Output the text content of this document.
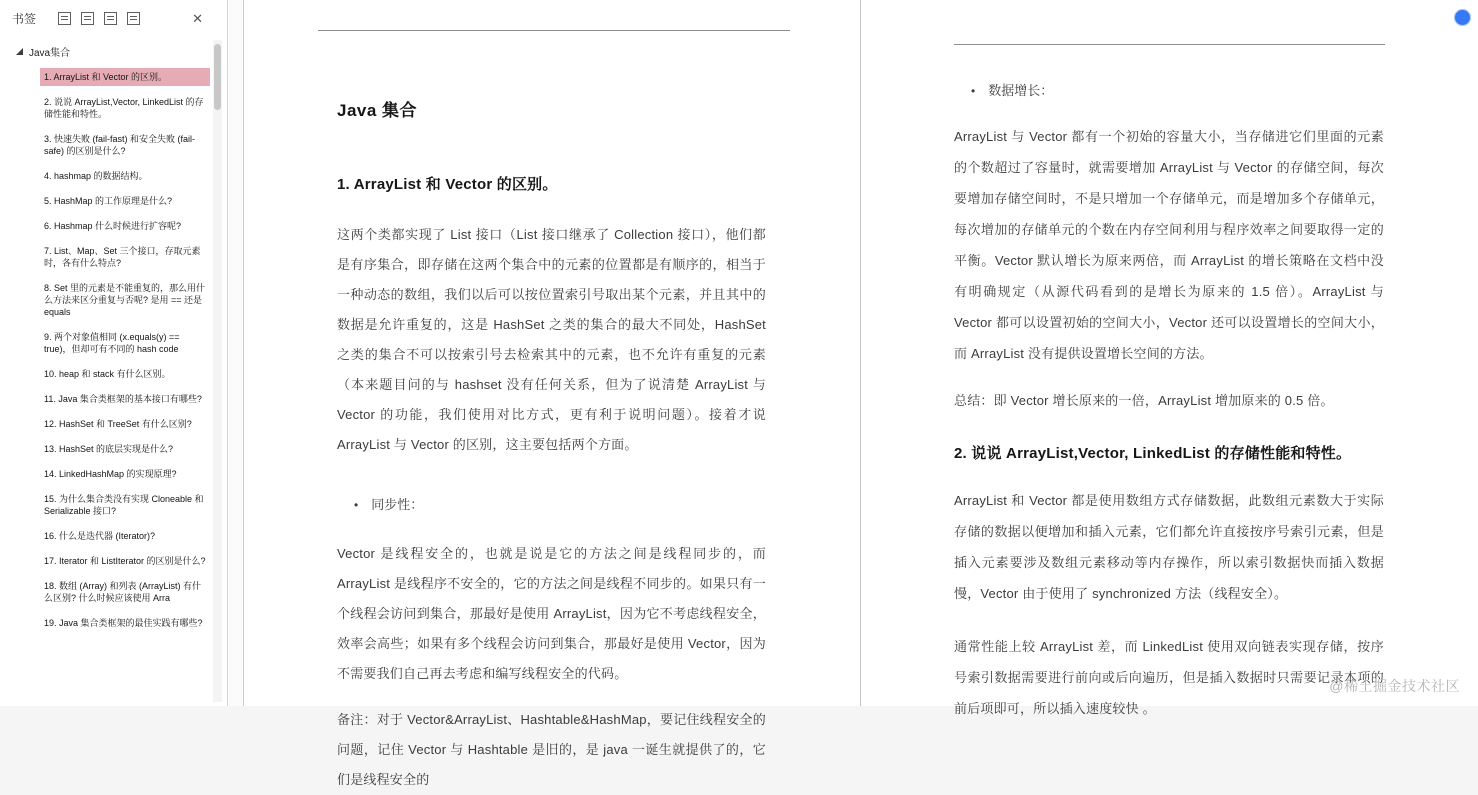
书签
✕
Java集合
1. ArrayList 和 Vector 的区别。
2. 说说 ArrayList,Vector, LinkedList 的存储性能和特性。
3. 快速失败 (fail-fast) 和安全失败 (fail-safe) 的区别是什么?
4. hashmap 的数据结构。
5. HashMap 的工作原理是什么?
6. Hashmap 什么时候进行扩容呢?
7. List、Map、Set 三个接口，存取元素时，各有什么特点?
8. Set 里的元素是不能重复的，那么用什么方法来区分重复与否呢? 是用 == 还是 equals
9. 两个对象值相同 (x.equals(y) == true)，但却可有不同的 hash code
10. heap 和 stack 有什么区别。
11. Java 集合类框架的基本接口有哪些?
12. HashSet 和 TreeSet 有什么区别?
13. HashSet 的底层实现是什么?
14. LinkedHashMap 的实现原理?
15. 为什么集合类没有实现 Cloneable 和 Serializable 接口?
16. 什么是迭代器 (Iterator)?
17. Iterator 和 ListIterator 的区别是什么?
18. 数组 (Array) 和列表 (ArrayList) 有什么区别? 什么时候应该使用 Arra
19. Java 集合类框架的最佳实践有哪些?
Java 集合
1. ArrayList 和 Vector 的区别。

这两个类都实现了 List 接口（List 接口继承了 Collection 接口），他们都是有序集合，即存储在这两个集合中的元素的位置都是有顺序的，相当于一种动态的数组，我们以后可以按位置索引号取出某个元素，并且其中的数据是允许重复的，这是 HashSet 之类的集合的最大不同处，HashSet 之类的集合不可以按索引号去检索其中的元素，也不允许有重复的元素（本来题目问的与 hashset 没有任何关系，但为了说清楚 ArrayList 与 Vector 的功能，我们使用对比方式，更有利于说明问题）。接着才说 ArrayList 与 Vector 的区别，这主要包括两个方面。

•
同步性：

Vector 是线程安全的，也就是说是它的方法之间是线程同步的，而 ArrayList 是线程序不安全的，它的方法之间是线程不同步的。如果只有一个线程会访问到集合，那最好是使用 ArrayList，因为它不考虑线程安全，效率会高些；如果有多个线程会访问到集合，那最好是使用 Vector，因为不需要我们自己再去考虑和编写线程安全的代码。

备注：对于 Vector&ArrayList、Hashtable&HashMap，要记住线程安全的问题，记住 Vector 与 Hashtable 是旧的，是 java 一诞生就提供了的，它们是线程安全的

•
数据增长：

ArrayList 与 Vector 都有一个初始的容量大小，当存储进它们里面的元素的个数超过了容量时，就需要增加 ArrayList 与 Vector 的存储空间，每次要增加存储空间时，不是只增加一个存储单元，而是增加多个存储单元，每次增加的存储单元的个数在内存空间利用与程序效率之间要取得一定的平衡。Vector 默认增长为原来两倍，而 ArrayList 的增长策略在文档中没有明确规定（从源代码看到的是增长为原来的 1.5 倍）。ArrayList 与 Vector 都可以设置初始的空间大小，Vector 还可以设置增长的空间大小，而 ArrayList 没有提供设置增长空间的方法。

总结：即 Vector 增长原来的一倍，ArrayList 增加原来的 0.5 倍。

2. 说说 ArrayList,Vector, LinkedList 的存储性能和特性。

ArrayList 和 Vector 都是使用数组方式存储数据，此数组元素数大于实际存储的数据以便增加和插入元素，它们都允许直接按序号索引元素，但是插入元素要涉及数组元素移动等内存操作，所以索引数据快而插入数据慢，Vector 由于使用了 synchronized 方法（线程安全）。

通常性能上较 ArrayList 差，而 LinkedList 使用双向链表实现存储，按序号索引数据需要进行前向或后向遍历，但是插入数据时只需要记录本项的前后项即可，所以插入速度较快 。

@稀土掘金技术社区
